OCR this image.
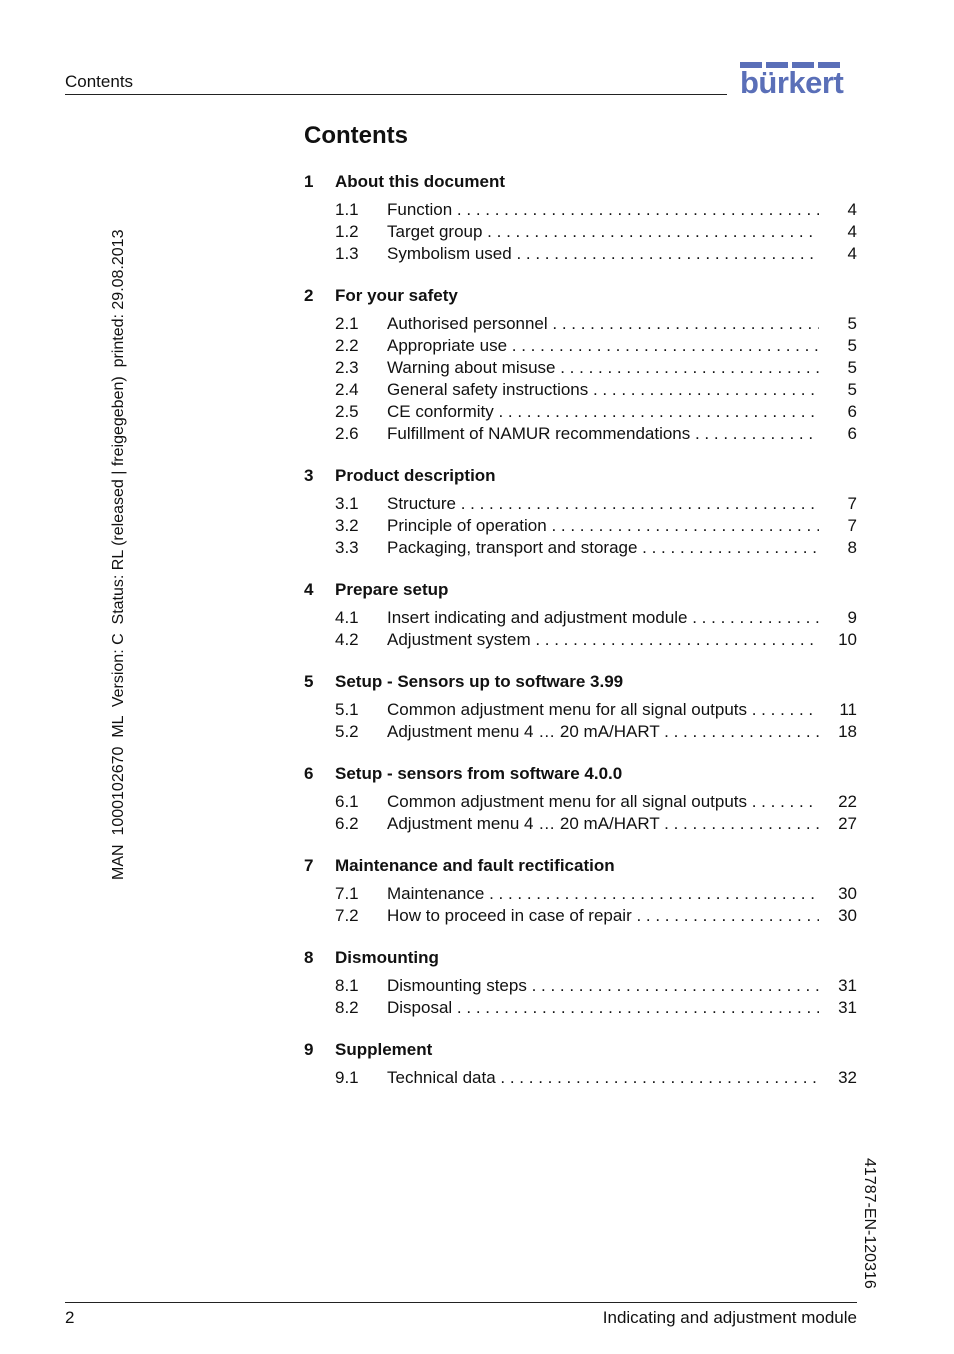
Contents	bürkert
MAN  1000102670  ML  Version: C  Status: RL (released | freigegeben)  printed: 29.08.2013
41787-EN-120316
Contents
1	About this document
1.1	Function . . .	4
1.2	Target group . . .	4
1.3	Symbolism used . . .	4
2	For your safety
2.1	Authorised personnel . . .	5
2.2	Appropriate use . . .	5
2.3	Warning about misuse . . .	5
2.4	General safety instructions . . .	5
2.5	CE conformity . . .	6
2.6	Fulfillment of NAMUR recommendations . . .	6
3	Product description
3.1	Structure . . .	7
3.2	Principle of operation . . .	7
3.3	Packaging, transport and storage . . .	8
4	Prepare setup
4.1	Insert indicating and adjustment module . . .	9
4.2	Adjustment system . . .	10
5	Setup - Sensors up to software 3.99
5.1	Common adjustment menu for all signal outputs . . .	11
5.2	Adjustment menu 4 … 20 mA/HART . . .	18
6	Setup - sensors from software 4.0.0
6.1	Common adjustment menu for all signal outputs . . .	22
6.2	Adjustment menu 4 … 20 mA/HART . . .	27
7	Maintenance and fault rectification
7.1	Maintenance . . .	30
7.2	How to proceed in case of repair . . .	30
8	Dismounting
8.1	Dismounting steps . . .	31
8.2	Disposal . . .	31
9	Supplement
9.1	Technical data . . .	32
2	Indicating and adjustment module
